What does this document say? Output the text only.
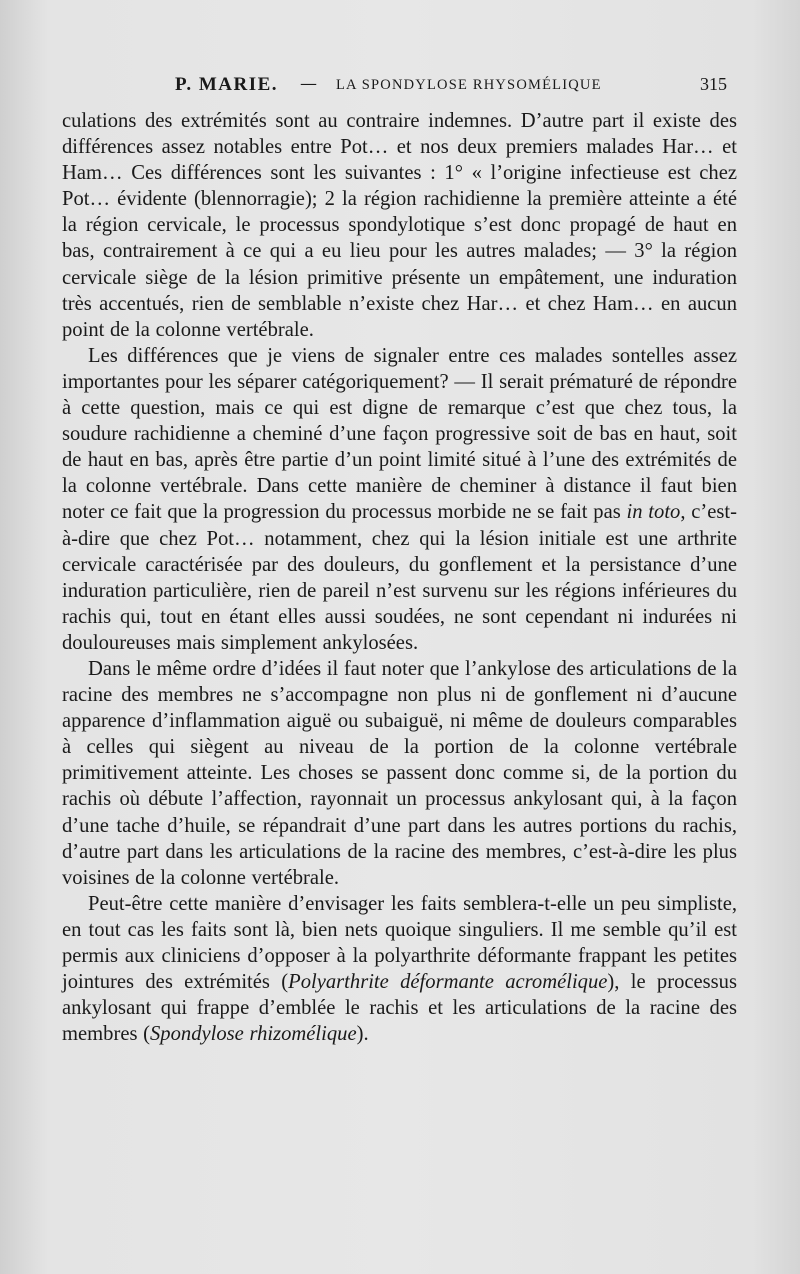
P. MARIE. — LA SPONDYLOSE RHYSOMÉLIQUE	315

culations des extrémités sont au contraire indemnes. D’autre part il existe des différences assez notables entre Pot… et nos deux premiers malades Har… et Ham… Ces différences sont les suivantes : 1° « l’origine infectieuse est chez Pot… évidente (blennorragie); 2 la région rachidienne la première atteinte a été la région cervicale, le processus spondylotique s’est donc propagé de haut en bas, contrairement à ce qui a eu lieu pour les autres malades; — 3° la région cervicale siège de la lésion primitive présente un empâtement, une induration très accentués, rien de semblable n’existe chez Har… et chez Ham… en aucun point de la colonne vertébrale.

Les différences que je viens de signaler entre ces malades sontelles assez importantes pour les séparer catégoriquement? — Il serait prématuré de répondre à cette question, mais ce qui est digne de remarque c’est que chez tous, la soudure rachidienne a cheminé d’une façon progressive soit de bas en haut, soit de haut en bas, après être partie d’un point limité situé à l’une des extrémités de la colonne vertébrale. Dans cette manière de cheminer à distance il faut bien noter ce fait que la progression du processus morbide ne se fait pas in toto, c’est-à-dire que chez Pot… notamment, chez qui la lésion initiale est une arthrite cervicale caractérisée par des douleurs, du gonflement et la persistance d’une induration particulière, rien de pareil n’est survenu sur les régions inférieures du rachis qui, tout en étant elles aussi soudées, ne sont cependant ni indurées ni douloureuses mais simplement ankylosées.

Dans le même ordre d’idées il faut noter que l’ankylose des articulations de la racine des membres ne s’accompagne non plus ni de gonflement ni d’aucune apparence d’inflammation aiguë ou subaiguë, ni même de douleurs comparables à celles qui siègent au niveau de la portion de la colonne vertébrale primitivement atteinte. Les choses se passent donc comme si, de la portion du rachis où débute l’affection, rayonnait un processus ankylosant qui, à la façon d’une tache d’huile, se répandrait d’une part dans les autres portions du rachis, d’autre part dans les articulations de la racine des membres, c’est-à-dire les plus voisines de la colonne vertébrale.

Peut-être cette manière d’envisager les faits semblera-t-elle un peu simpliste, en tout cas les faits sont là, bien nets quoique singuliers. Il me semble qu’il est permis aux cliniciens d’opposer à la polyarthrite déformante frappant les petites jointures des extrémités (Polyarthrite déformante acromélique), le processus ankylosant qui frappe d’emblée le rachis et les articulations de la racine des membres (Spondylose rhizomélique).
